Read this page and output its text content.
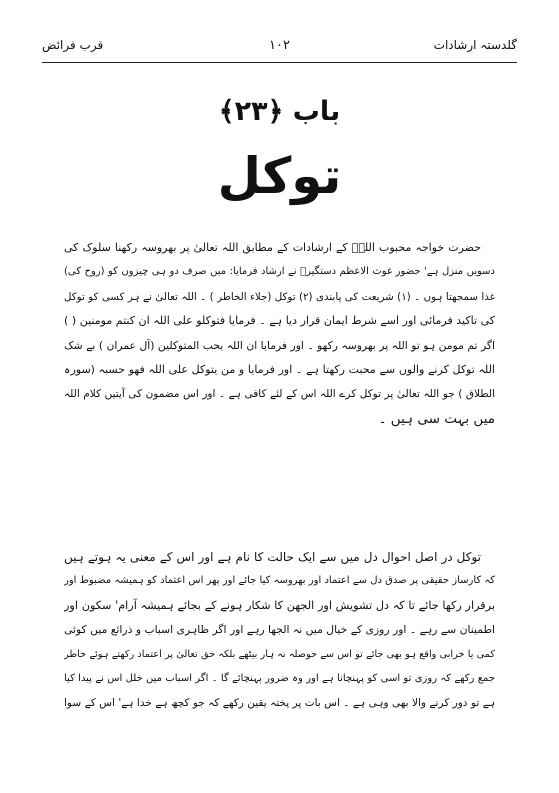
گلدستہ ارشادات
۱۰۲
قرب فرائض
باب ﴿۲۳﴾
توکل
حضرت خواجہ محبوب اللہؒ کے ارشادات کے مطابق اللہ تعالیٰ پر بھروسہ رکھنا سلوک کی
دسویں منزل ہے' حضور غوث الاعظم دستگیرؒ نے ارشاد فرمایا: میں صرف دو ہی چیزوں کو (روح کی)
غذا سمجھتا ہوں ۔ (۱) شریعت کی پابندی (۲) توکل (جلاء الخاطر ) ۔ اللہ تعالیٰ نے ہر کسی کو توکل
کی تاکید فرمائی اور اسے شرط ایمان قرار دیا ہے ۔ فرمایا فتوکلو علی اللہ ان کنتم مومنین ( )
اگر تم مومن ہو تو اللہ پر بھروسہ رکھو ۔ اور فرمایا ان اللہ یحب المتوکلین (آل عمران ) بے شک
اللہ توکل کرنے والوں سے محبت رکھتا ہے ۔ اور فرمایا و من یتوکل علی اللہ فھو حسبہ (سورہ
الطلاق ) جو اللہ تعالیٰ پر توکل کرے اللہ اس کے لئے کافی ہے ۔ اور اس مضمون کی آیتیں کلام اللہ
میں بہت سی ہیں ۔
توکل در اصل احوال دل میں سے ایک حالت کا نام ہے اور اس کے معنی یہ ہوتے ہیں
کہ کارساز حقیقی پر صدق دل سے اعتماد اور بھروسہ کیا جائے اور پھر اس اعتماد کو ہمیشہ مضبوط اور
برقرار رکھا جائے تا کہ دل تشویش اور الجھن کا شکار ہونے کے بجائے ہمیشہ آرام' سکون اور
اطمینان سے رہے ۔ اور روزی کے خیال میں نہ الجھا رہے اور اگر ظاہری اسباب و ذرائع میں کوئی
کمی یا خرابی واقع ہو بھی جائے تو اس سے حوصلہ نہ ہار بیٹھے بلکہ حق تعالیٰ پر اعتماد رکھتے ہوئے خاطر
جمع رکھے کہ روزی تو اسی کو پہنچانا ہے اور وہ ضرور پہنچائے گا ۔ اگر اسباب میں خلل اس نے پیدا کیا
ہے تو دور کرنے والا بھی وہی ہے ۔ اس بات پر پختہ یقین رکھے کہ جو کچھ ہے خدا ہے' اس کے سوا
